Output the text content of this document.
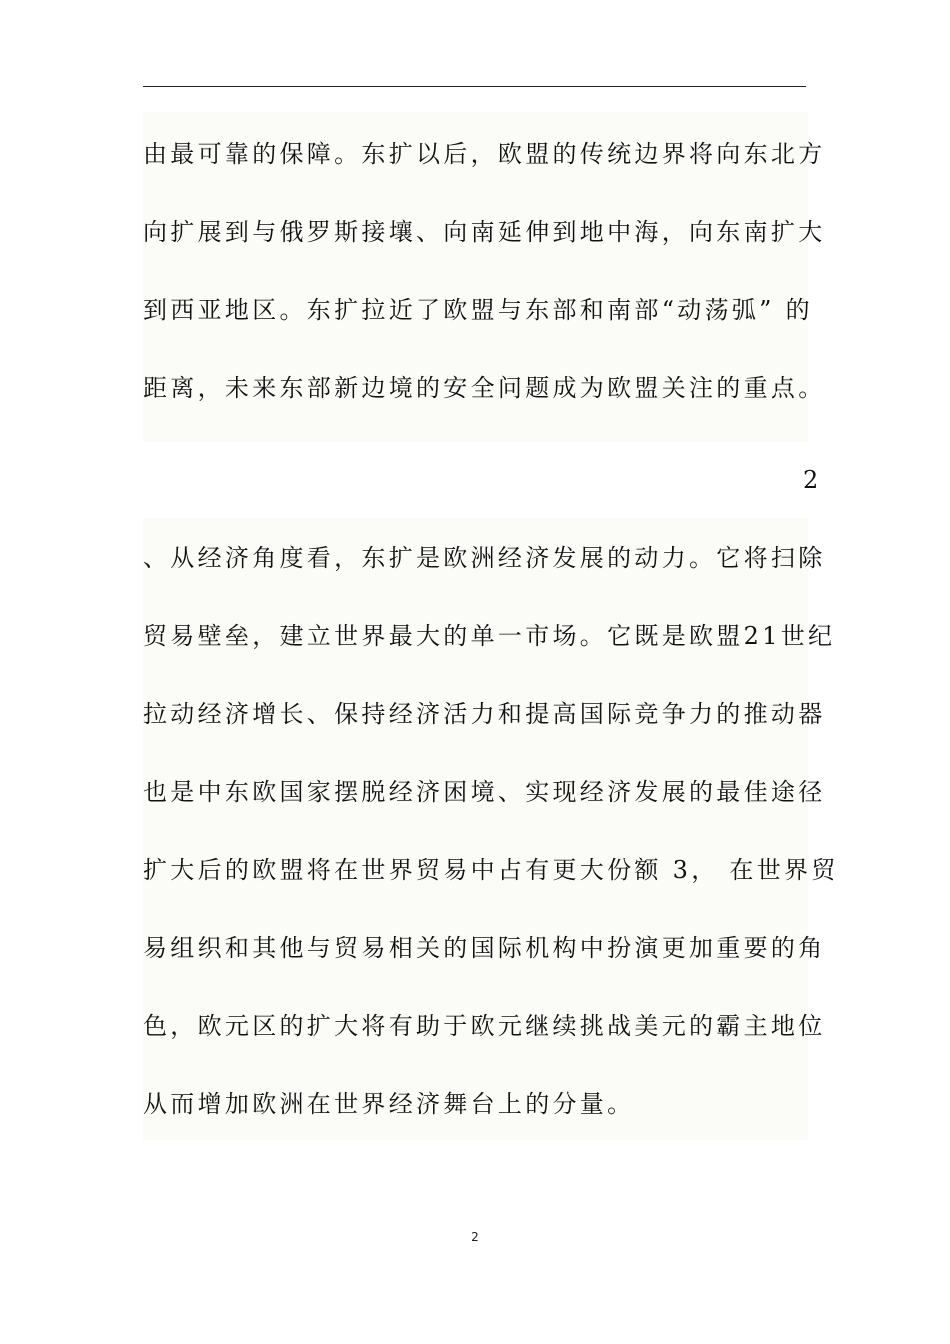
由最可靠的保障。东扩以后，欧盟的传统边界将向东北方
向扩展到与俄罗斯接壤、向南延伸到地中海，向东南扩大
到西亚地区。东扩拉近了欧盟与东部和南部“动荡弧” 的
距离，未来东部新边境的安全问题成为欧盟关注的重点。
2
、从经济角度看，东扩是欧洲经济发展的动力。它将扫除
贸易壁垒，建立世界最大的单一市场。它既是欧盟21世纪
拉动经济增长、保持经济活力和提高国际竞争力的推动器
也是中东欧国家摆脱经济困境、实现经济发展的最佳途径
扩大后的欧盟将在世界贸易中占有更大份额 3， 在世界贸
易组织和其他与贸易相关的国际机构中扮演更加重要的角
色，欧元区的扩大将有助于欧元继续挑战美元的霸主地位
从而增加欧洲在世界经济舞台上的分量。
2
